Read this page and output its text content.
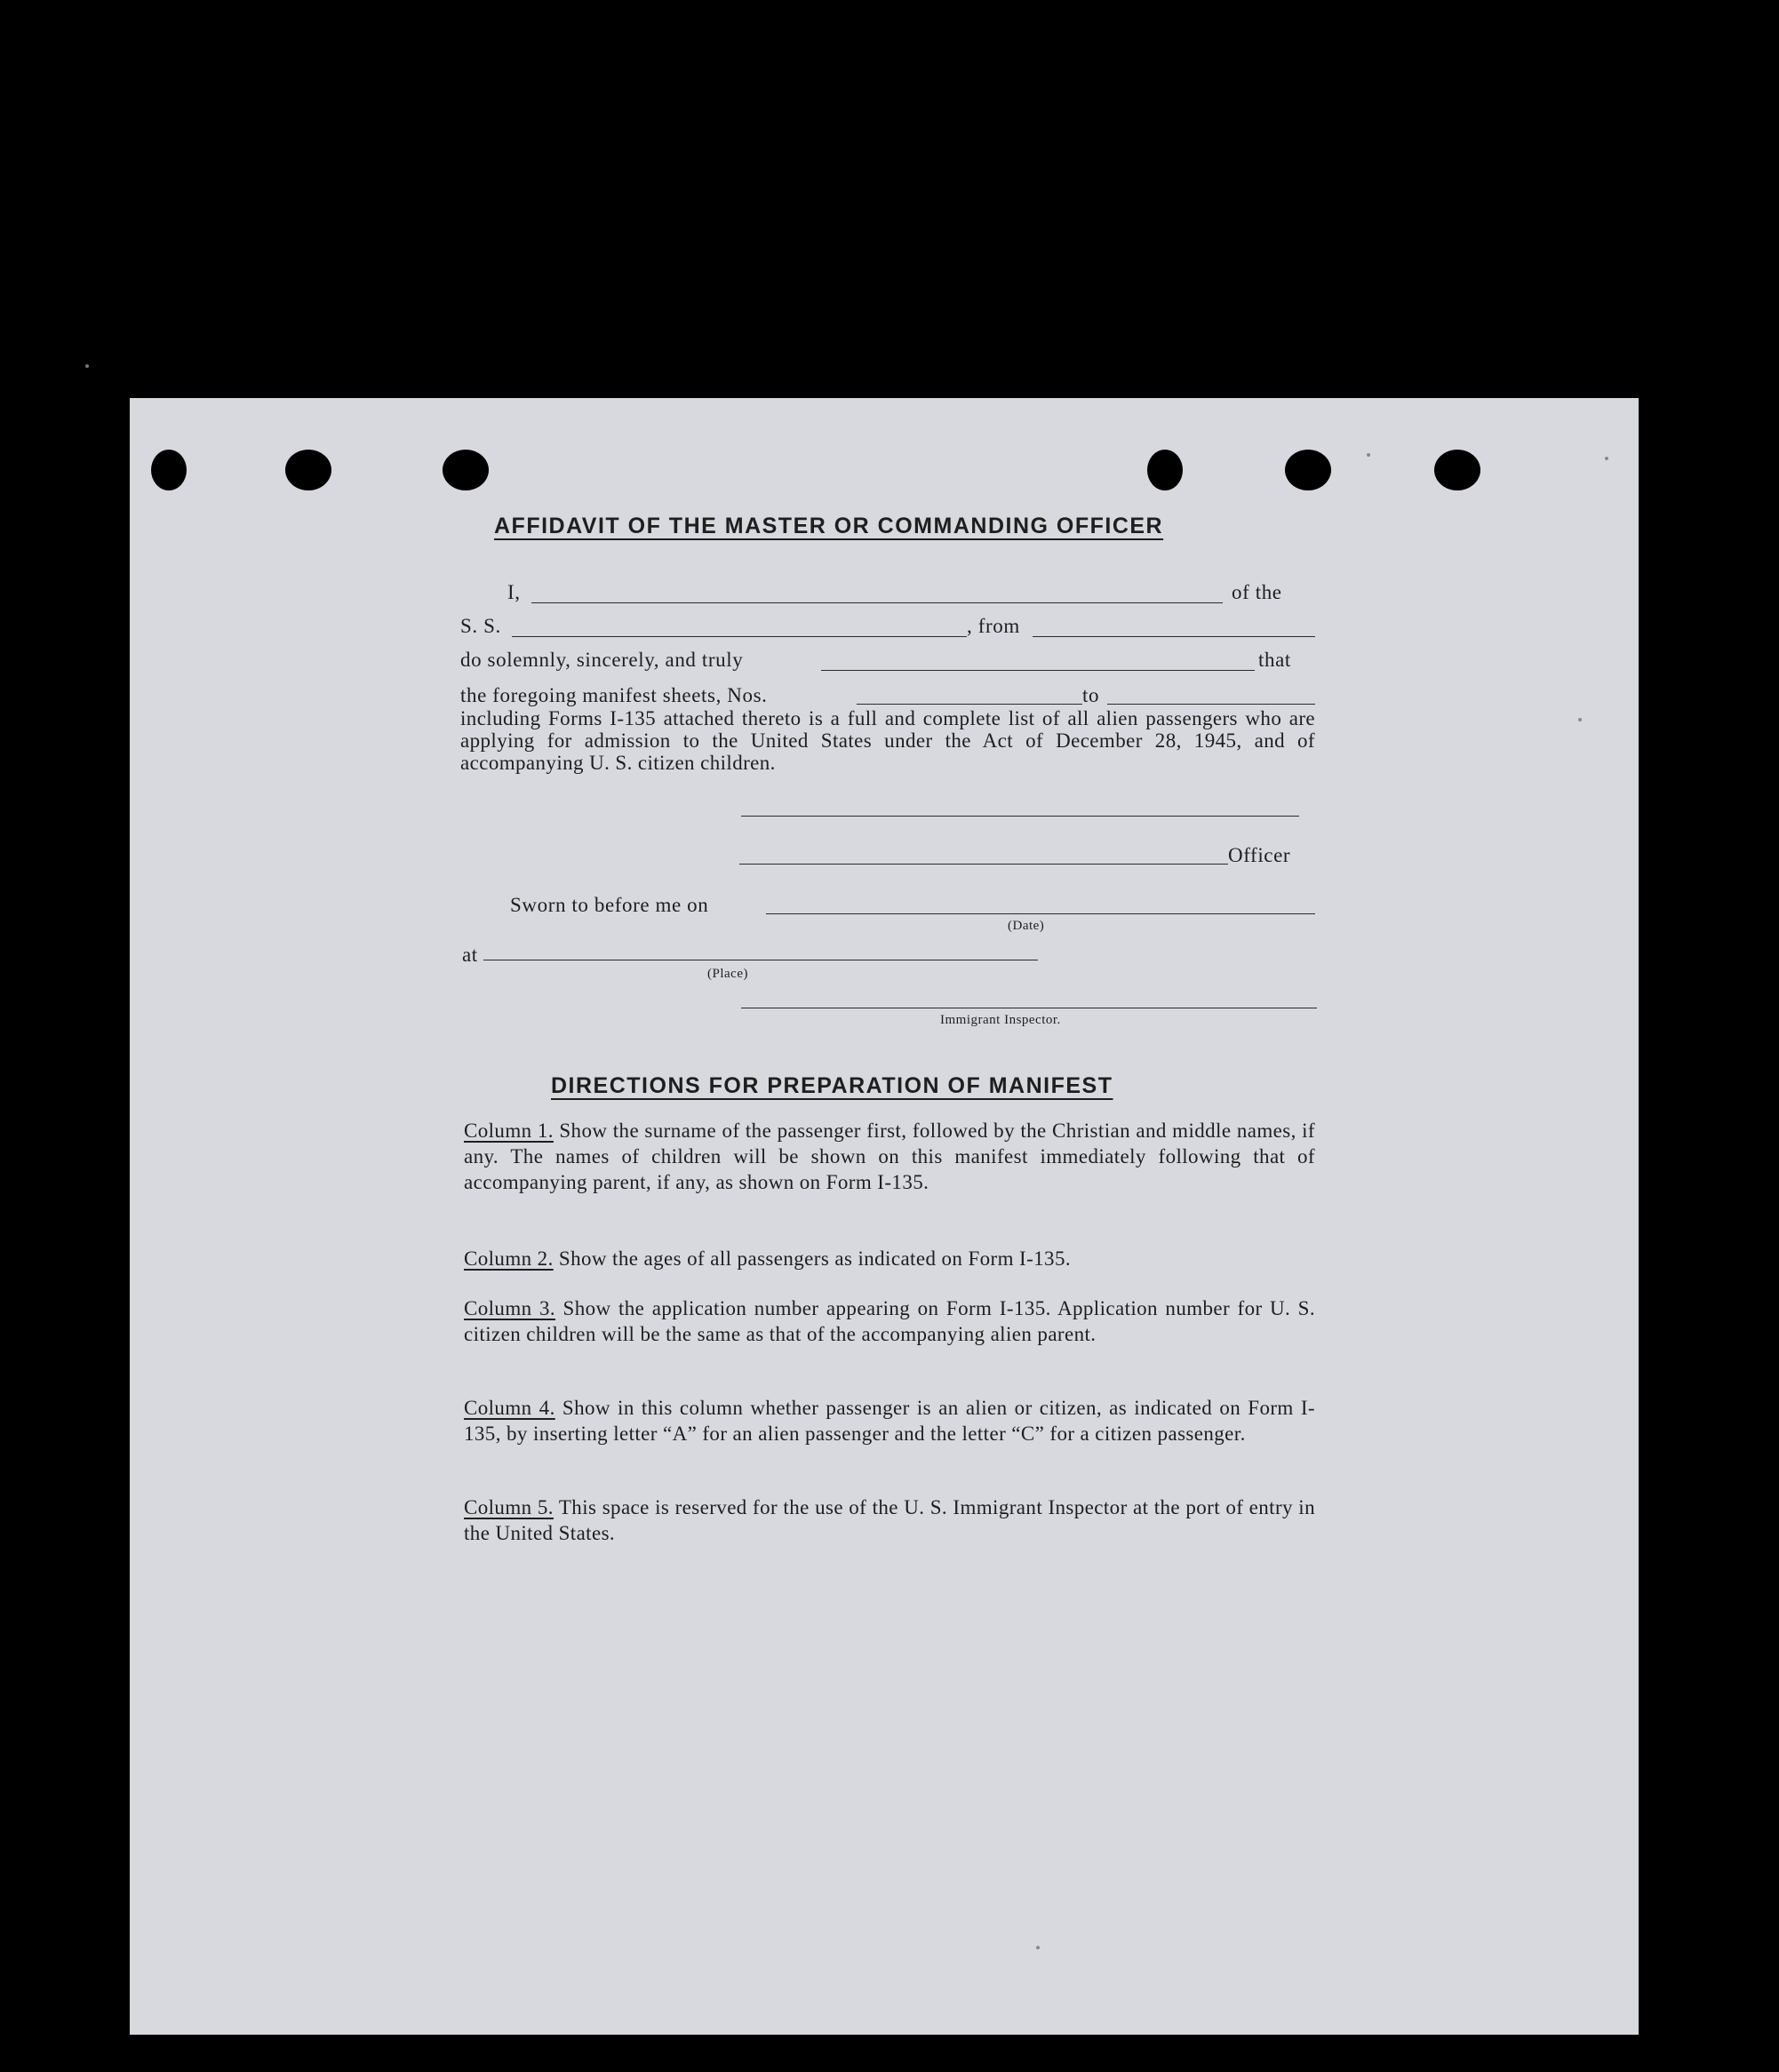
AFFIDAVIT OF THE MASTER OR COMMANDING OFFICER
I,	of the
S. S.	, from
do solemnly, sincerely, and truly	that
the foregoing manifest sheets, Nos.	to
including Forms I-135 attached thereto is a full and complete list of all alien passengers who are applying for admission to the United States under the Act of December 28, 1945, and of accompanying U. S. citizen children.
Officer
Sworn to before me on
(Date)
at
(Place)
Immigrant Inspector.
DIRECTIONS FOR PREPARATION OF MANIFEST
Column 1. Show the surname of the passenger first, followed by the Christian and middle names, if any. The names of children will be shown on this manifest immediately following that of accompanying parent, if any, as shown on Form I-135.
Column 2. Show the ages of all passengers as indicated on Form I-135.
Column 3. Show the application number appearing on Form I-135. Application number for U. S. citizen children will be the same as that of the accompanying alien parent.
Column 4. Show in this column whether passenger is an alien or citizen, as indicated on Form I-135, by inserting letter “A” for an alien passenger and the letter “C” for a citizen passenger.
Column 5. This space is reserved for the use of the U. S. Immigrant Inspector at the port of entry in the United States.
